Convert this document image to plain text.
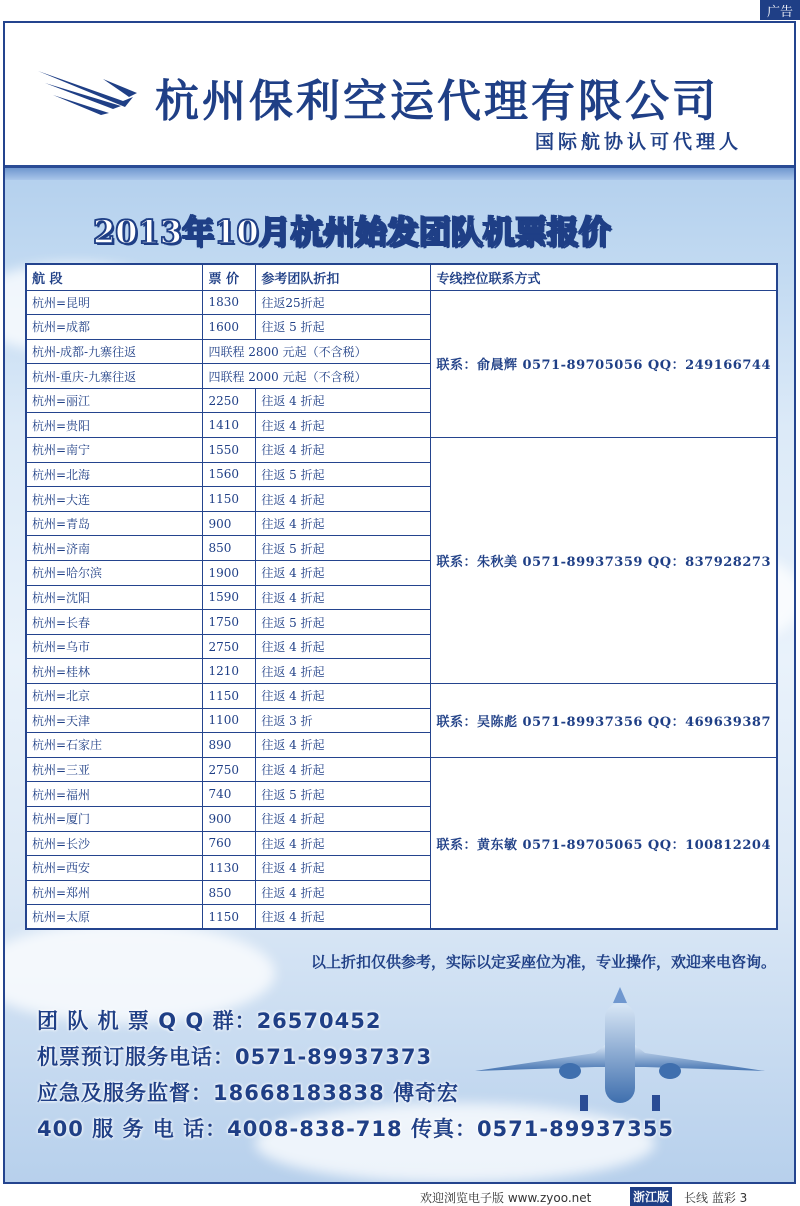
广告
杭州保利空运代理有限公司
国际航协认可代理人
2013年10月杭州始发团队机票报价
航 段	票 价	参考团队折扣	专线控位联系方式
杭州=昆明	1830	往返25折起	联系：俞晨辉 0571-89705056 QQ：249166744
杭州=成都	1600	往返 5 折起	
杭州-成都-九寨往返	四联程 2800 元起（不含税）		
杭州-重庆-九寨往返	四联程 2000 元起（不含税）		
杭州=丽江	2250	往返 4 折起	
杭州=贵阳	1410	往返 4 折起	
杭州=南宁	1550	往返 4 折起	联系：朱秋美 0571-89937359 QQ：837928273
杭州=北海	1560	往返 5 折起	
杭州=大连	1150	往返 4 折起	
杭州=青岛	900	往返 4 折起	
杭州=济南	850	往返 5 折起	
杭州=哈尔滨	1900	往返 4 折起	
杭州=沈阳	1590	往返 4 折起	
杭州=长春	1750	往返 5 折起	
杭州=乌市	2750	往返 4 折起	
杭州=桂林	1210	往返 4 折起	
杭州=北京	1150	往返 4 折起	联系：吴陈彪 0571-89937356 QQ：469639387
杭州=天津	1100	往返 3 折	
杭州=石家庄	890	往返 4 折起	
杭州=三亚	2750	往返 4 折起	联系：黄东敏 0571-89705065 QQ：100812204
杭州=福州	740	往返 5 折起	
杭州=厦门	900	往返 4 折起	
杭州=长沙	760	往返 4 折起	
杭州=西安	1130	往返 4 折起	
杭州=郑州	850	往返 4 折起	
杭州=太原	1150	往返 4 折起	
以上折扣仅供参考，实际以定妥座位为准，专业操作，欢迎来电咨询。
团 队 机 票 Q Q 群：26570452
机票预订服务电话：0571-89937373
应急及服务监督：18668183838 傅奇宏
400 服 务 电 话：4008-838-718 传真：0571-89937355
欢迎浏览电子版 www.zyoo.net	浙江版 长线 蓝彩 3
